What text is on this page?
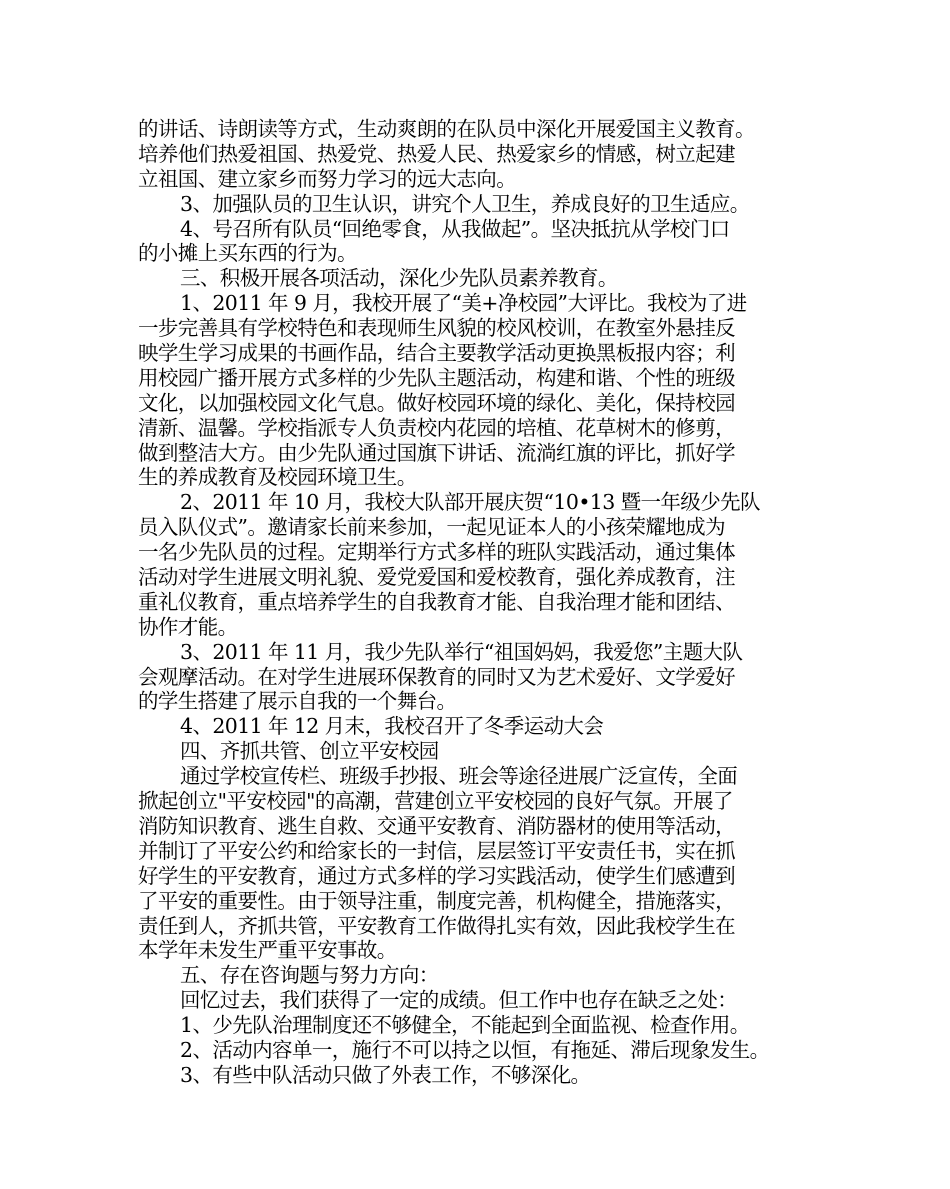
的讲话、诗朗读等方式，生动爽朗的在队员中深化开展爱国主义教育。
培养他们热爱祖国、热爱党、热爱人民、热爱家乡的情感，树立起建
立祖国、建立家乡而努力学习的远大志向。
3、加强队员的卫生认识，讲究个人卫生，养成良好的卫生适应。
4、号召所有队员“回绝零食，从我做起”。坚决抵抗从学校门口
的小摊上买东西的行为。
三、积极开展各项活动，深化少先队员素养教育。
1、2011 年 9 月，我校开展了“美+净校园”大评比。我校为了进
一步完善具有学校特色和表现师生风貌的校风校训，在教室外悬挂反
映学生学习成果的书画作品，结合主要教学活动更换黑板报内容；利
用校园广播开展方式多样的少先队主题活动，构建和谐、个性的班级
文化，以加强校园文化气息。做好校园环境的绿化、美化，保持校园
清新、温馨。学校指派专人负责校内花园的培植、花草树木的修剪，
做到整洁大方。由少先队通过国旗下讲话、流淌红旗的评比，抓好学
生的养成教育及校园环境卫生。
2、2011 年 10 月，我校大队部开展庆贺“10•13 暨一年级少先队
员入队仪式”。邀请家长前来参加，一起见证本人的小孩荣耀地成为
一名少先队员的过程。定期举行方式多样的班队实践活动，通过集体
活动对学生进展文明礼貌、爱党爱国和爱校教育，强化养成教育，注
重礼仪教育，重点培养学生的自我教育才能、自我治理才能和团结、
协作才能。
3、2011 年 11 月，我少先队举行“祖国妈妈，我爱您”主题大队
会观摩活动。在对学生进展环保教育的同时又为艺术爱好、文学爱好
的学生搭建了展示自我的一个舞台。
4、2011 年 12 月末，我校召开了冬季运动大会
四、齐抓共管、创立平安校园
通过学校宣传栏、班级手抄报、班会等途径进展广泛宣传，全面
掀起创立"平安校园"的高潮，营建创立平安校园的良好气氛。开展了
消防知识教育、逃生自救、交通平安教育、消防器材的使用等活动，
并制订了平安公约和给家长的一封信，层层签订平安责任书，实在抓
好学生的平安教育，通过方式多样的学习实践活动，使学生们感遭到
了平安的重要性。由于领导注重，制度完善，机构健全，措施落实，
责任到人，齐抓共管，平安教育工作做得扎实有效，因此我校学生在
本学年未发生严重平安事故。
五、存在咨询题与努力方向：
回忆过去，我们获得了一定的成绩。但工作中也存在缺乏之处：
1、少先队治理制度还不够健全，不能起到全面监视、检查作用。
2、活动内容单一，施行不可以持之以恒，有拖延、滞后现象发生。
3、有些中队活动只做了外表工作，不够深化。
